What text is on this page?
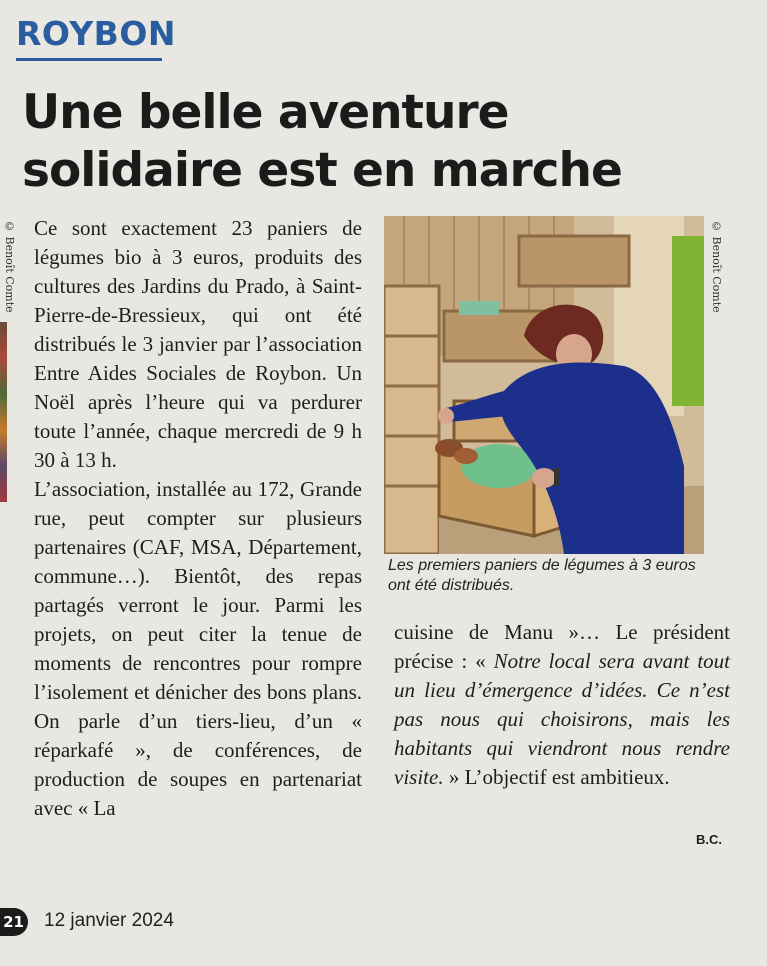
ROYBON
Une belle aventure solidaire est en marche
© Benoît Comte Ce sont exactement 23 paniers de légumes bio à 3 euros, produits des cultures des Jardins du Prado, à Saint-Pierre-de-Bressieux, qui ont été distribués le 3 janvier par l’association Entre Aides Sociales de Roybon. Un Noël après l’heure qui va perdurer toute l’année, chaque mercredi de 9 h 30 à 13 h.

L’association, installée au 172, Grande rue, peut compter sur plusieurs partenaires (CAF, MSA, Département, commune…). Bientôt, des repas partagés verront le jour. Parmi les projets, on peut citer la tenue de moments de rencontres pour rompre l’isolement et dénicher des bons plans. On parle d’un tiers-lieu, d’un « réparkafé », de conférences, de production de soupes en partenariat avec « La

© Benoît Comte

Les premiers paniers de légumes à 3 euros ont été distribués.

cuisine de Manu »… Le président précise : « Notre local sera avant tout un lieu d’émergence d’idées. Ce n’est pas nous qui choisirons, mais les habitants qui viendront nous rendre visite. » L’objectif est ambitieux.

B.C.
21 12 janvier 2024
